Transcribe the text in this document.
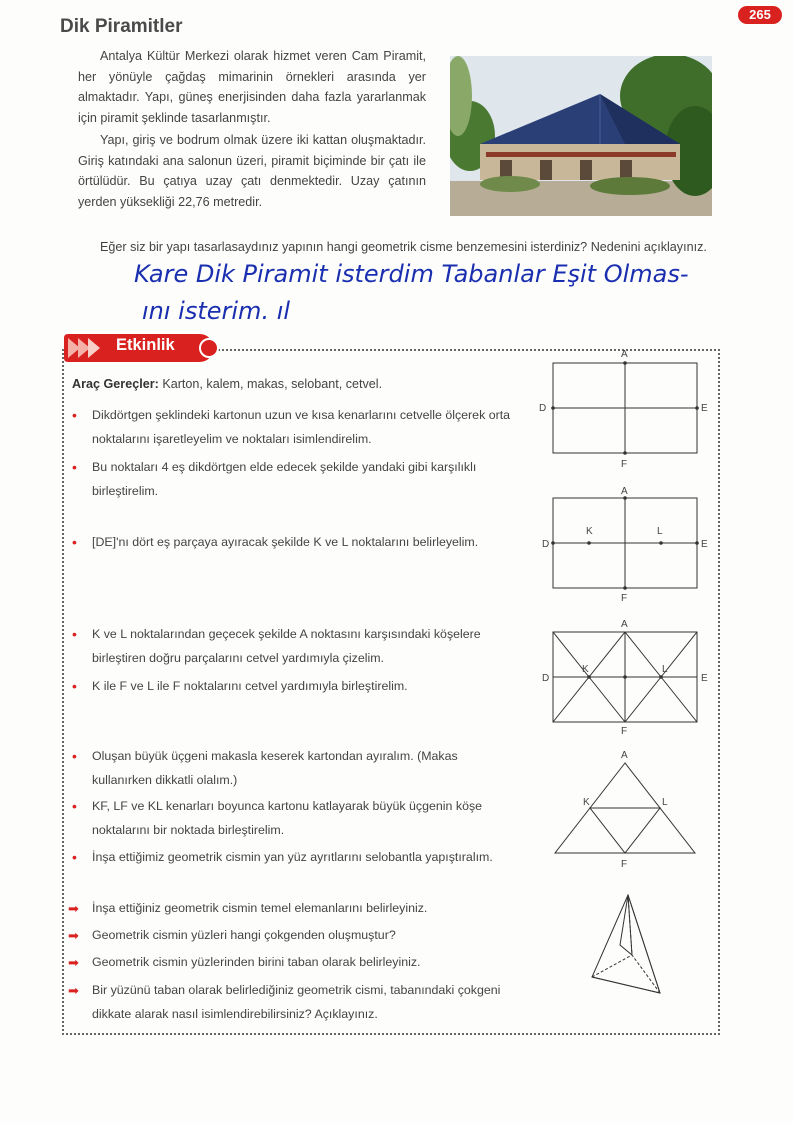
265
Dik Piramitler
Antalya Kültür Merkezi olarak hizmet veren Cam Piramit, her yönüyle çağdaş mimarinin örnekleri arasında yer almaktadır. Yapı, güneş enerjisinden daha fazla yararlanmak için piramit şeklinde tasarlanmıştır.
Yapı, giriş ve bodrum olmak üzere iki kattan oluşmaktadır. Giriş katındaki ana salonun üzeri, piramit biçiminde bir çatı ile örtülüdür. Bu çatıya uzay çatı denmektedir. Uzay çatının yerden yüksekliği 22,76 metredir.
Eğer siz bir yapı tasarlasaydınız yapının hangi geometrik cisme benzemesini isterdiniz? Nedenini açıklayınız.
Kare Dik Piramit isterdim Tabanlar Eşit Olmas-
ını isterim. ıl
Etkinlik
Araç Gereçler: Karton, kalem, makas, selobant, cetvel.
• Dikdörtgen şeklindeki kartonun uzun ve kısa kenarlarını cetvelle ölçerek orta noktalarını işaretleyelim ve noktaları isimlendirelim.
• Bu noktaları 4 eş dikdörtgen elde edecek şekilde yandaki gibi karşılıklı birleştirelim.
• [DE]'nı dört eş parçaya ayıracak şekilde K ve L noktalarını belirleyelim.
• K ve L noktalarından geçecek şekilde A noktasını karşısındaki köşelere birleştiren doğru parçalarını cetvel yardımıyla çizelim.
• K ile F ve L ile F noktalarını cetvel yardımıyla birleştirelim.
• Oluşan büyük üçgeni makasla keserek kartondan ayıralım. (Makas kullanırken dikkatli olalım.)
• KF, LF ve KL kenarları boyunca kartonu katlayarak büyük üçgenin köşe noktalarını bir noktada birleştirelim.
• İnşa ettiğimiz geometrik cismin yan yüz ayrıtlarını selobantla yapıştıralım.
➡ İnşa ettiğiniz geometrik cismin temel elemanlarını belirleyiniz.
➡ Geometrik cismin yüzleri hangi çokgenden oluşmuştur?
➡ Geometrik cismin yüzlerinden birini taban olarak belirleyiniz.
➡ Bir yüzünü taban olarak belirlediğiniz geometrik cismi, tabanındaki çokgeni dikkate alarak nasıl isimlendirebilirsiniz? Açıklayınız.
A
F
D	E
A
F
D	E
K	L
A
F
D	E
K	L
A
F
K	L
